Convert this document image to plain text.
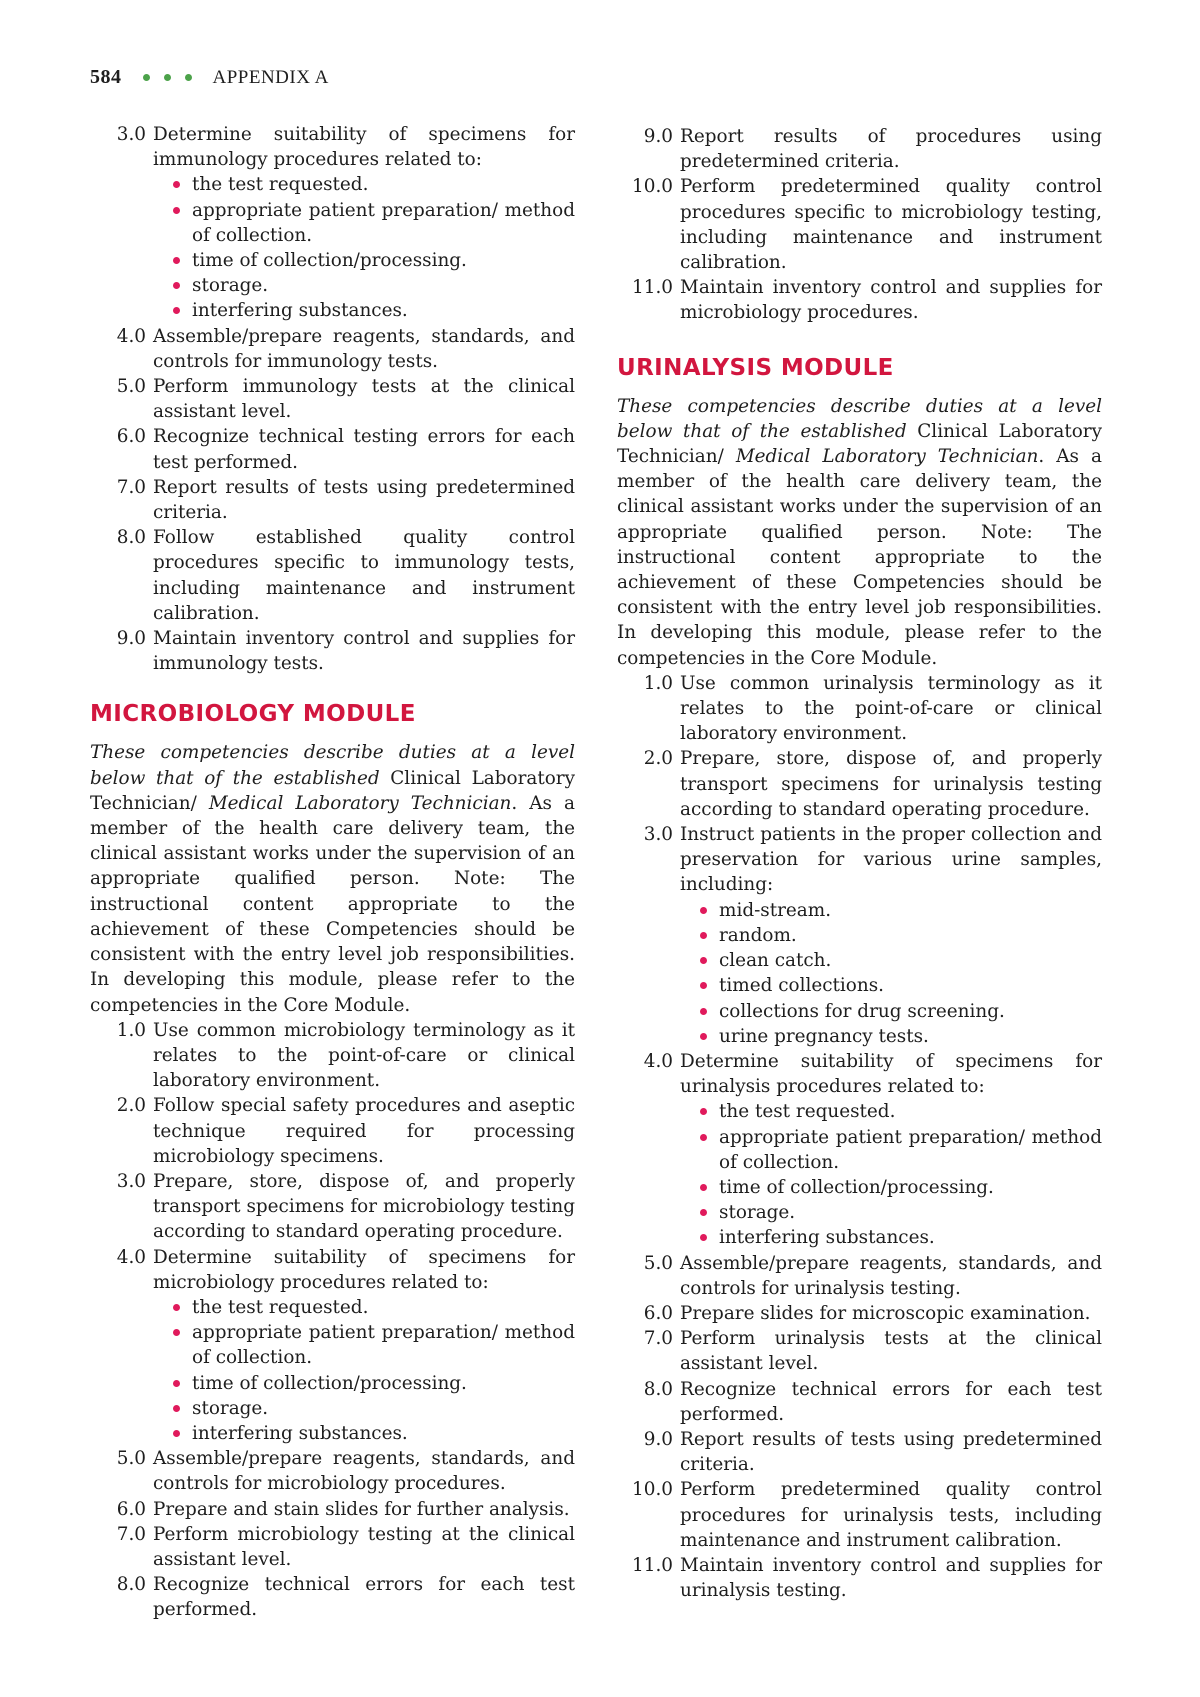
584	APPENDIX A
3.0 Determine suitability of specimens for immunology procedures related to:
the test requested.
appropriate patient preparation/ method of collection.
time of collection/processing.
storage.
interfering substances.
4.0 Assemble/prepare reagents, standards, and controls for immunology tests.
5.0 Perform immunology tests at the clinical assistant level.
6.0 Recognize technical testing errors for each test performed.
7.0 Report results of tests using predetermined criteria.
8.0 Follow established quality control procedures specific to immunology tests, including maintenance and instrument calibration.
9.0 Maintain inventory control and supplies for immunology tests.
MICROBIOLOGY MODULE
These competencies describe duties at a level below that of the established Clinical Laboratory Technician/ Medical Laboratory Technician. As a member of the health care delivery team, the clinical assistant works under the supervision of an appropriate qualified person. Note: The instructional content appropriate to the achievement of these Competencies should be consistent with the entry level job responsibilities. In developing this module, please refer to the competencies in the Core Module.
1.0 Use common microbiology terminology as it relates to the point-of-care or clinical laboratory environment.
2.0 Follow special safety procedures and aseptic technique required for processing microbiology specimens.
3.0 Prepare, store, dispose of, and properly transport specimens for microbiology testing according to standard operating procedure.
4.0 Determine suitability of specimens for microbiology procedures related to:
the test requested.
appropriate patient preparation/ method of collection.
time of collection/processing.
storage.
interfering substances.
5.0 Assemble/prepare reagents, standards, and controls for microbiology procedures.
6.0 Prepare and stain slides for further analysis.
7.0 Perform microbiology testing at the clinical assistant level.
8.0 Recognize technical errors for each test performed.
9.0 Report results of procedures using predetermined criteria.
10.0 Perform predetermined quality control procedures specific to microbiology testing, including maintenance and instrument calibration.
11.0 Maintain inventory control and supplies for microbiology procedures.
URINALYSIS MODULE
These competencies describe duties at a level below that of the established Clinical Laboratory Technician/ Medical Laboratory Technician. As a member of the health care delivery team, the clinical assistant works under the supervision of an appropriate qualified person. Note: The instructional content appropriate to the achievement of these Competencies should be consistent with the entry level job responsibilities. In developing this module, please refer to the competencies in the Core Module.
1.0 Use common urinalysis terminology as it relates to the point-of-care or clinical laboratory environment.
2.0 Prepare, store, dispose of, and properly transport specimens for urinalysis testing according to standard operating procedure.
3.0 Instruct patients in the proper collection and preservation for various urine samples, including:
mid-stream.
random.
clean catch.
timed collections.
collections for drug screening.
urine pregnancy tests.
4.0 Determine suitability of specimens for urinalysis procedures related to:
the test requested.
appropriate patient preparation/ method of collection.
time of collection/processing.
storage.
interfering substances.
5.0 Assemble/prepare reagents, standards, and controls for urinalysis testing.
6.0 Prepare slides for microscopic examination.
7.0 Perform urinalysis tests at the clinical assistant level.
8.0 Recognize technical errors for each test performed.
9.0 Report results of tests using predetermined criteria.
10.0 Perform predetermined quality control procedures for urinalysis tests, including maintenance and instrument calibration.
11.0 Maintain inventory control and supplies for urinalysis testing.
